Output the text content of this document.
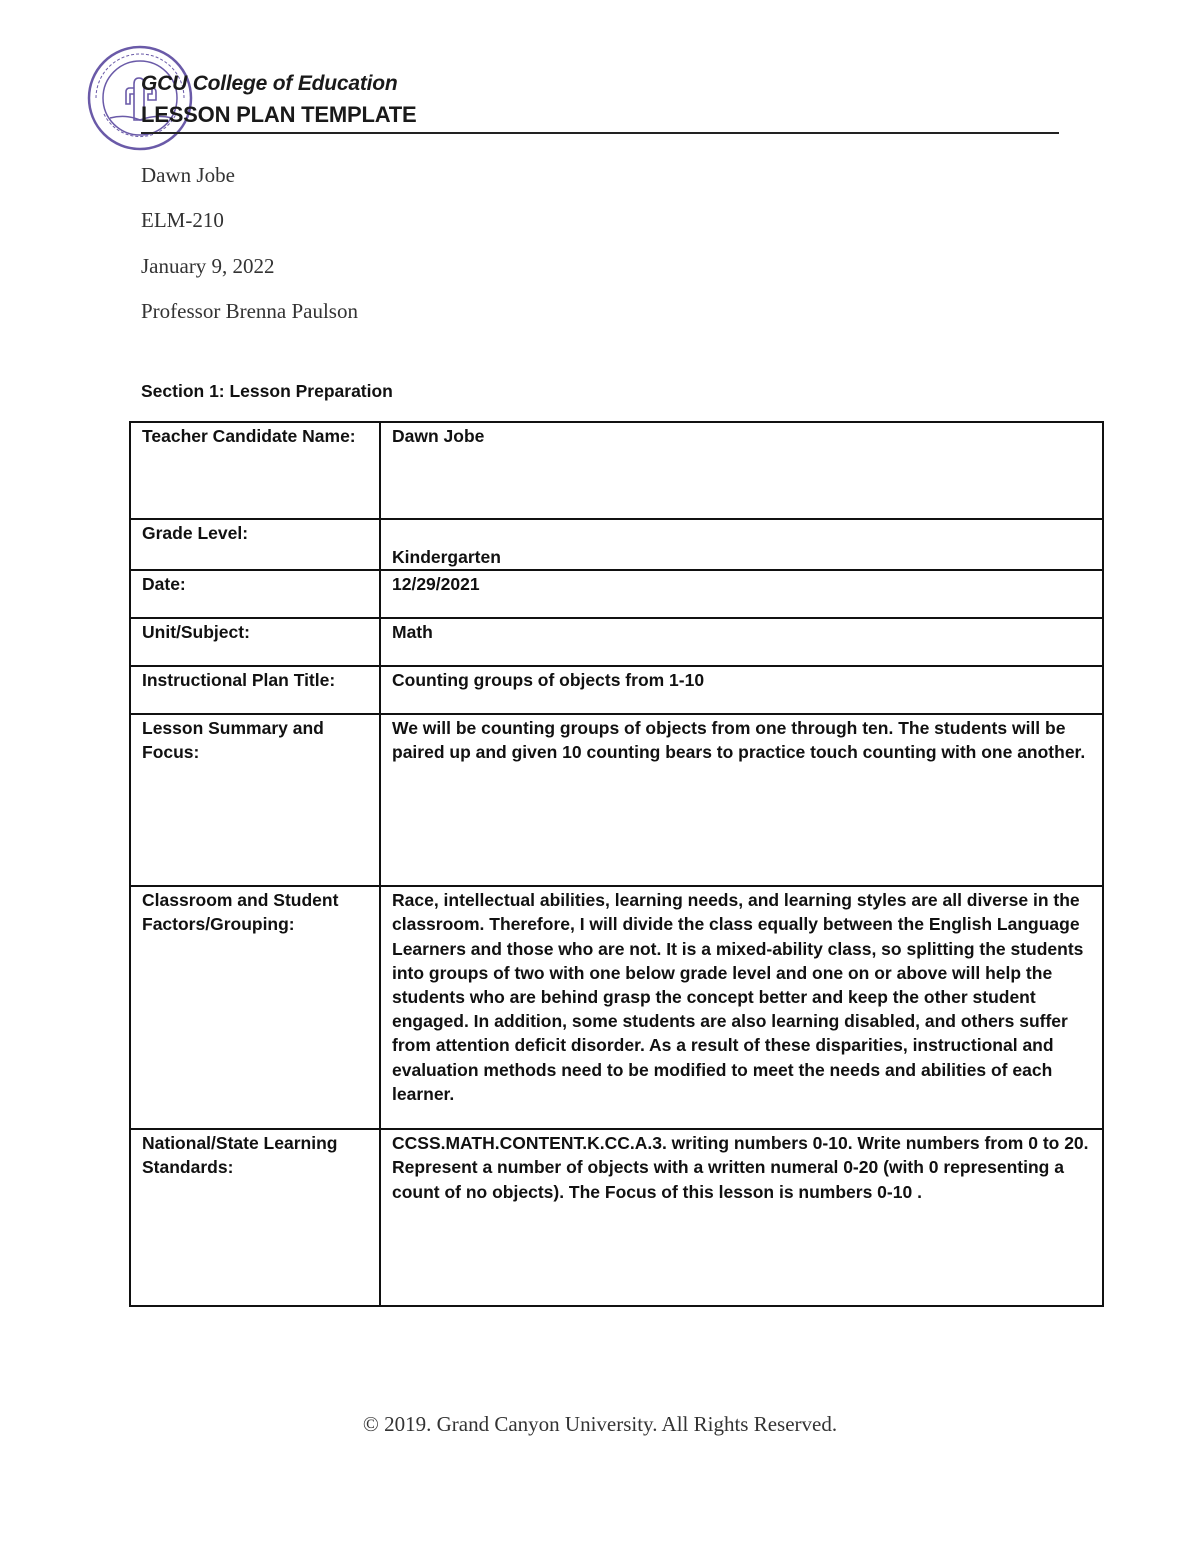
GCU College of Education
LESSON PLAN TEMPLATE
Dawn Jobe
ELM-210
January 9, 2022
Professor Brenna Paulson
Section 1: Lesson Preparation
Teacher Candidate Name:	Dawn Jobe
Grade Level:	Kindergarten
Date:	12/29/2021
Unit/Subject:	Math
Instructional Plan Title:	Counting groups of objects from 1-10
Lesson Summary and Focus:	We will be counting groups of objects from one through ten. The students will be paired up and given 10 counting bears to practice touch counting with one another.
Classroom and Student Factors/Grouping:	Race, intellectual abilities, learning needs, and learning styles are all diverse in the classroom. Therefore, I will divide the class equally between the English Language Learners and those who are not. It is a mixed-ability class, so splitting the students into groups of two with one below grade level and one on or above will help the students who are behind grasp the concept better and keep the other student engaged. In addition, some students are also learning disabled, and others suffer from attention deficit disorder. As a result of these disparities, instructional and evaluation methods need to be modified to meet the needs and abilities of each learner.
National/State Learning Standards:	CCSS.MATH.CONTENT.K.CC.A.3. writing numbers 0-10. Write numbers from 0 to 20. Represent a number of objects with a written numeral 0-20 (with 0 representing a count of no objects). The Focus of this lesson is numbers 0-10 .
© 2019. Grand Canyon University. All Rights Reserved.
